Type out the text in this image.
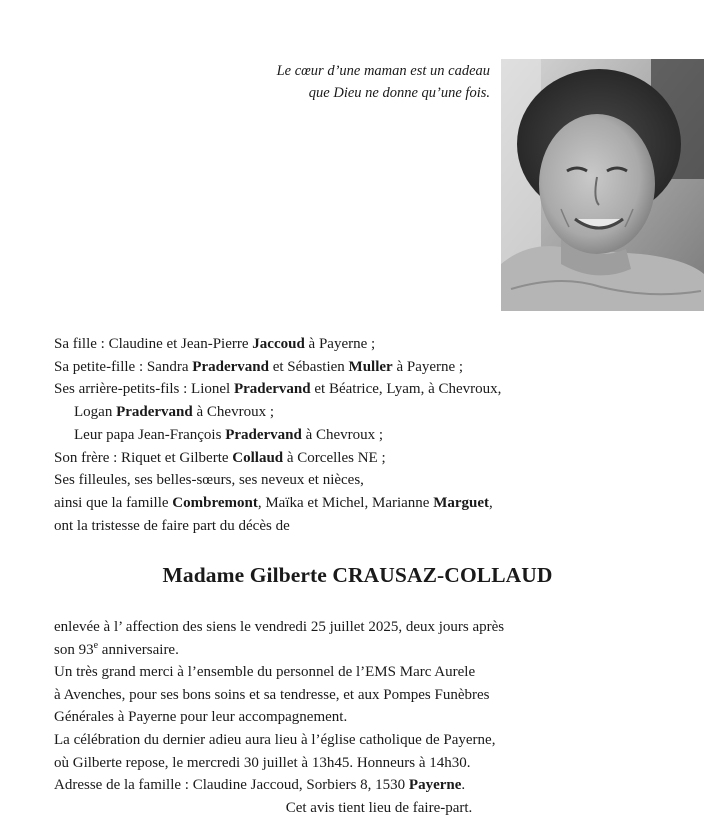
Le cœur d’une maman est un cadeau
que Dieu ne donne qu’une fois.
Sa fille : Claudine et Jean-Pierre Jaccoud à Payerne ;
Sa petite-fille : Sandra Pradervand et Sébastien Muller à Payerne ;
Ses arrière-petits-fils : Lionel Pradervand et Béatrice, Lyam, à Chevroux,
Logan Pradervand à Chevroux ;
Leur papa Jean-François Pradervand à Chevroux ;
Son frère : Riquet et Gilberte Collaud à Corcelles NE ;
Ses filleules, ses belles-sœurs, ses neveux et nièces,
ainsi que la famille Combremont, Maïka et Michel, Marianne Marguet,
ont la tristesse de faire part du décès de
Madame Gilberte CRAUSAZ-COLLAUD
enlevée à l’ affection des siens le vendredi 25 juillet 2025, deux jours après
son 93e anniversaire.
Un très grand merci à l’ensemble du personnel de l’EMS Marc Aurele
à Avenches, pour ses bons soins et sa tendresse, et aux Pompes Funèbres
Générales à Payerne pour leur accompagnement.
La célébration du dernier adieu aura lieu à l’église catholique de Payerne,
où Gilberte repose, le mercredi 30 juillet à 13h45. Honneurs à 14h30.
Adresse de la famille : Claudine Jaccoud, Sorbiers 8, 1530 Payerne.
Cet avis tient lieu de faire-part.
